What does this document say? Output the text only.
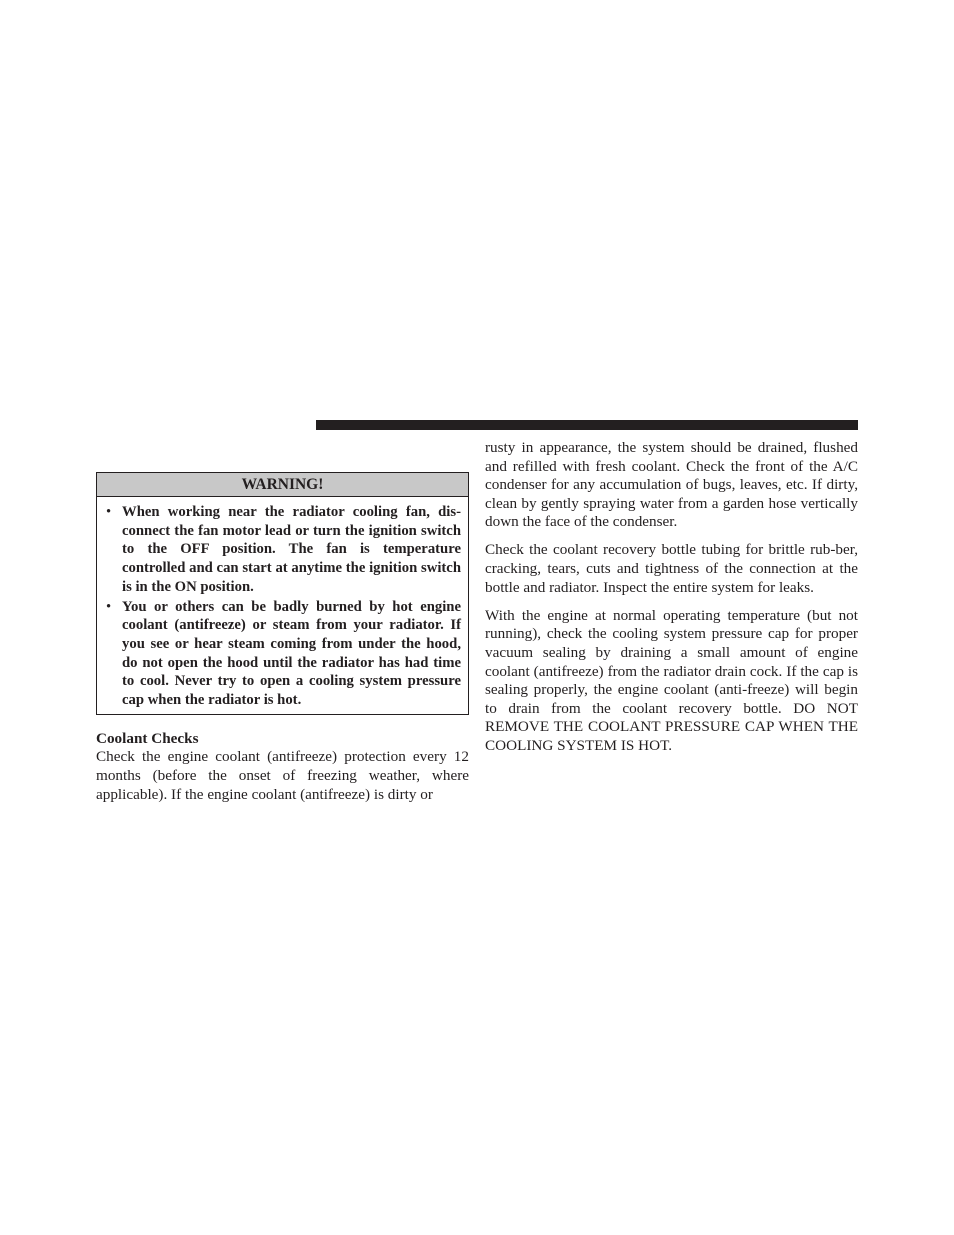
WARNING!
• When working near the radiator cooling fan, dis-connect the fan motor lead or turn the ignition switch to the OFF position. The fan is temperature controlled and can start at anytime the ignition switch is in the ON position.
• You or others can be badly burned by hot engine coolant (antifreeze) or steam from your radiator. If you see or hear steam coming from under the hood, do not open the hood until the radiator has had time to cool. Never try to open a cooling system pressure cap when the radiator is hot.
Coolant Checks

Check the engine coolant (antifreeze) protection every 12 months (before the onset of freezing weather, where applicable). If the engine coolant (antifreeze) is dirty or

rusty in appearance, the system should be drained, flushed and refilled with fresh coolant. Check the front of the A/C condenser for any accumulation of bugs, leaves, etc. If dirty, clean by gently spraying water from a garden hose vertically down the face of the condenser.

Check the coolant recovery bottle tubing for brittle rub-ber, cracking, tears, cuts and tightness of the connection at the bottle and radiator. Inspect the entire system for leaks.

With the engine at normal operating temperature (but not running), check the cooling system pressure cap for proper vacuum sealing by draining a small amount of engine coolant (antifreeze) from the radiator drain cock. If the cap is sealing properly, the engine coolant (anti-freeze) will begin to drain from the coolant recovery bottle. DO NOT REMOVE THE COOLANT PRESSURE CAP WHEN THE COOLING SYSTEM IS HOT.
